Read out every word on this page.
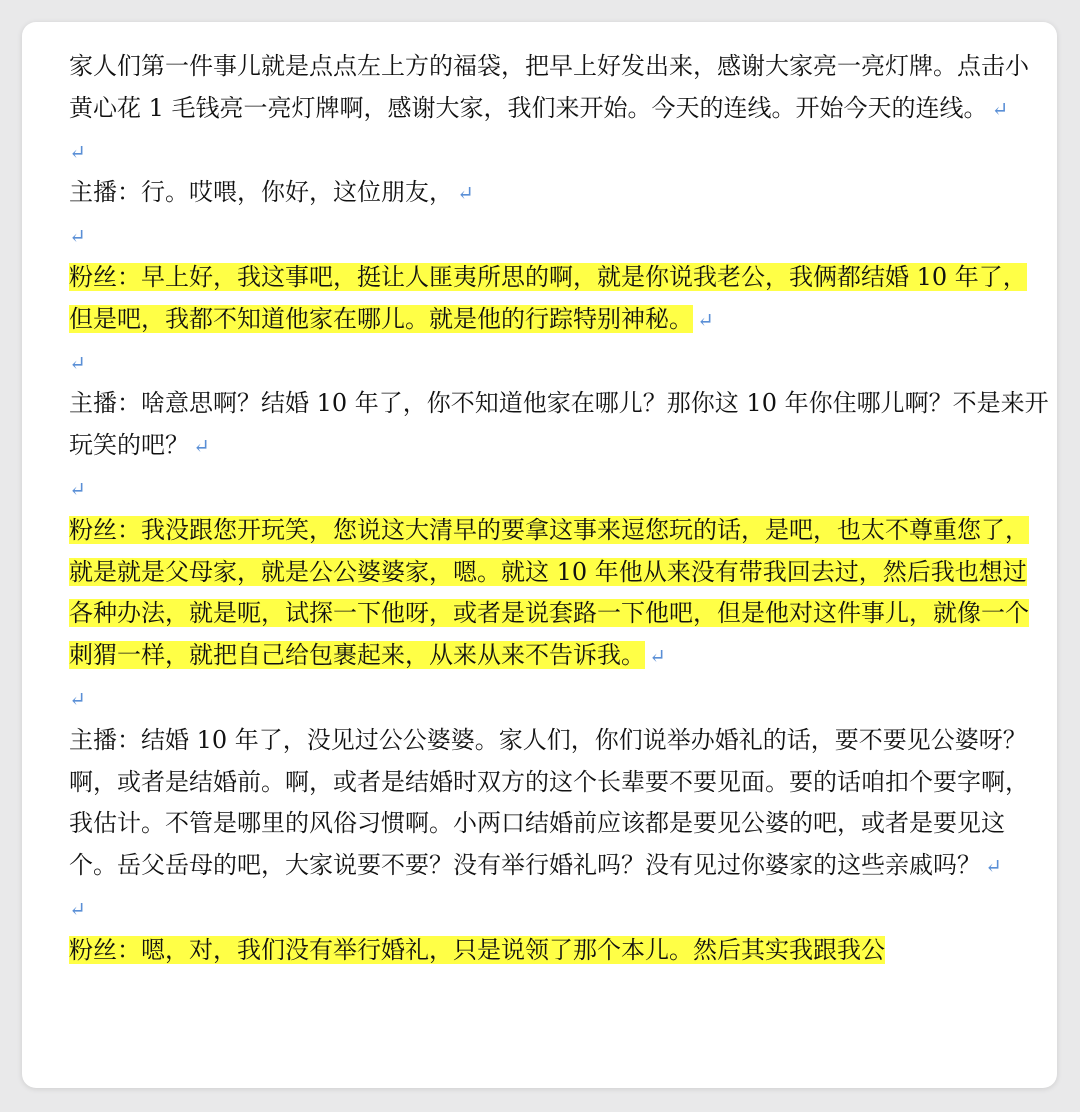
家人们第一件事儿就是点点左上方的福袋，把早上好发出来，感谢大家亮一亮灯牌。点击小黄心花 1 毛钱亮一亮灯牌啊，感谢大家，我们来开始。今天的连线。开始今天的连线。 ↵

↵

主播：行。哎喂，你好，这位朋友， ↵

↵

粉丝：早上好，我这事吧，挺让人匪夷所思的啊，就是你说我老公，我俩都结婚 10 年了，但是吧，我都不知道他家在哪儿。就是他的行踪特别神秘。 ↵

↵

主播：啥意思啊？结婚 10 年了，你不知道他家在哪儿？那你这 10 年你住哪儿啊？不是来开玩笑的吧？ ↵

↵

粉丝：我没跟您开玩笑，您说这大清早的要拿这事来逗您玩的话，是吧，也太不尊重您了，就是就是父母家，就是公公婆婆家，嗯。就这 10 年他从来没有带我回去过，然后我也想过各种办法，就是呃，试探一下他呀，或者是说套路一下他吧，但是他对这件事儿，就像一个刺猬一样，就把自己给包裹起来，从来从来不告诉我。 ↵

↵

主播：结婚 10 年了，没见过公公婆婆。家人们，你们说举办婚礼的话，要不要见公婆呀？啊，或者是结婚前。啊，或者是结婚时双方的这个长辈要不要见面。要的话咱扣个要字啊，我估计。不管是哪里的风俗习惯啊。小两口结婚前应该都是要见公婆的吧，或者是要见这个。岳父岳母的吧，大家说要不要？没有举行婚礼吗？没有见过你婆家的这些亲戚吗？ ↵

↵

粉丝：嗯，对，我们没有举行婚礼，只是说领了那个本儿。然后其实我跟我公
